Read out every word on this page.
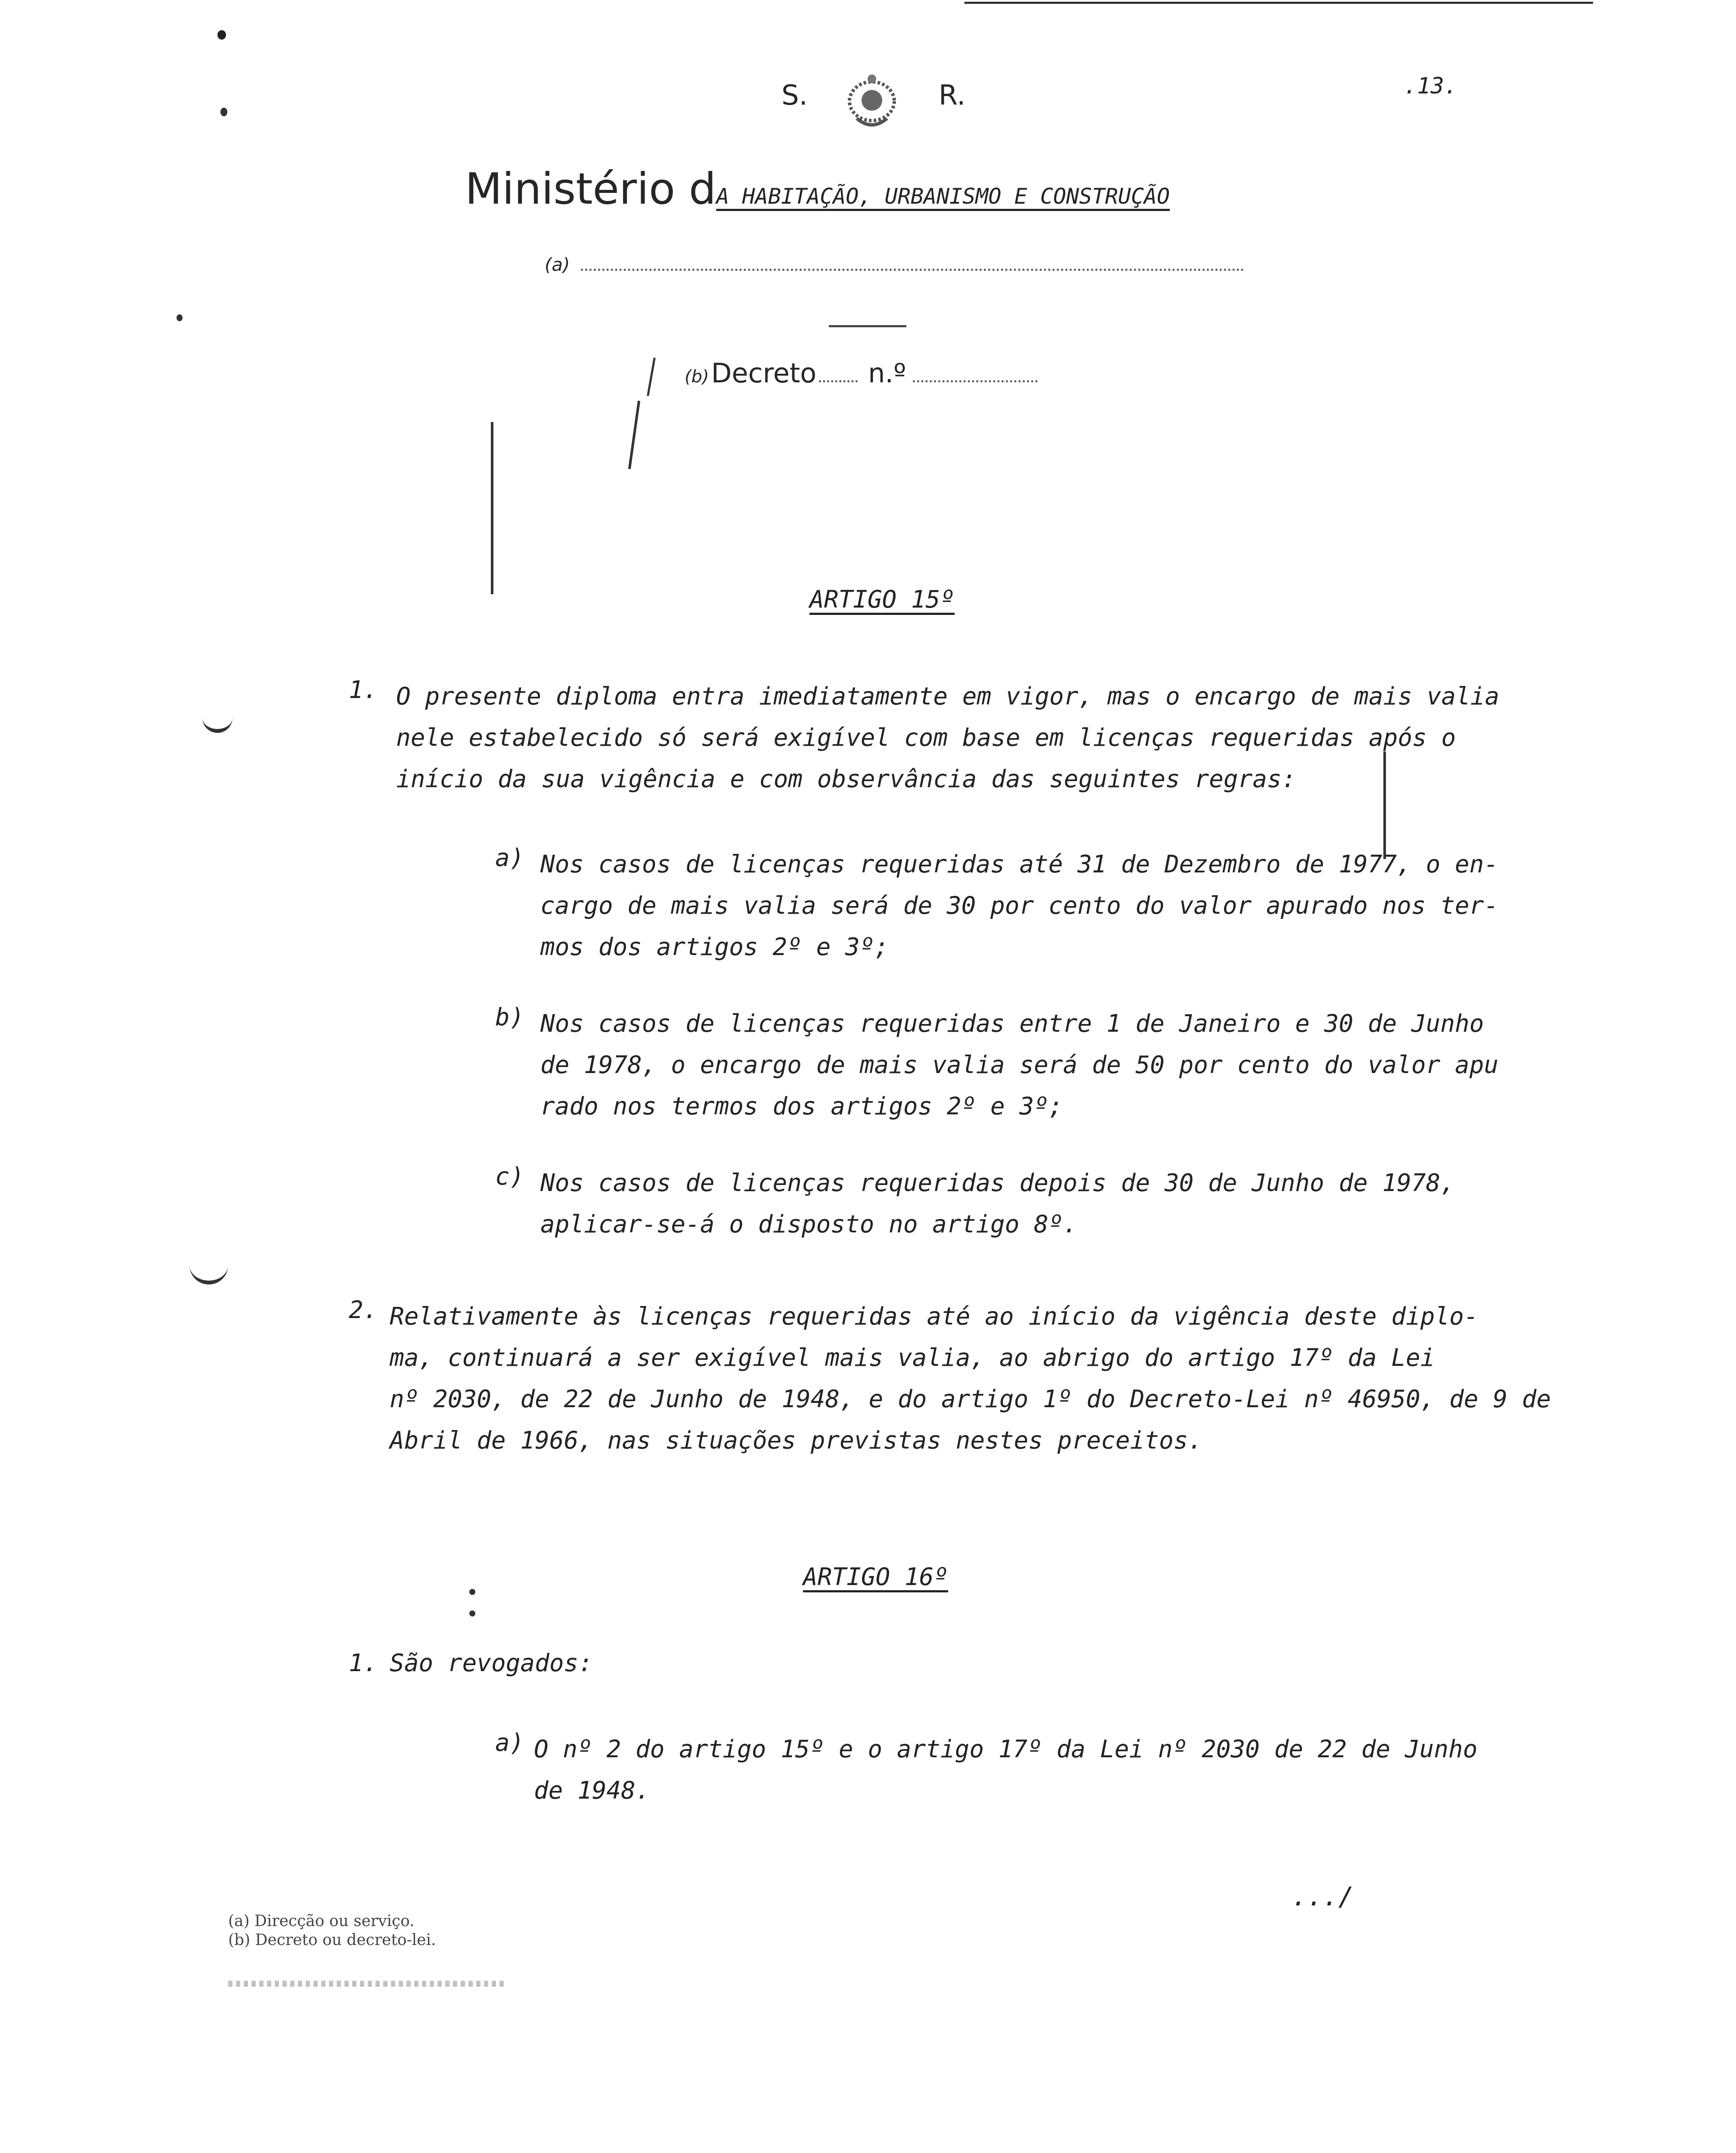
S.	R.	.13.
Ministério dA HABITAÇÃO, URBANISMO E CONSTRUÇÃO
(a)
(b) Decreto n.º
ARTIGO 15º
1. O presente diploma entra imediatamente em vigor, mas o encargo de mais valia
nele estabelecido só será exigível com base em licenças requeridas após o
início da sua vigência e com observância das seguintes regras:
a) Nos casos de licenças requeridas até 31 de Dezembro de 1977, o en-
cargo de mais valia será de 30 por cento do valor apurado nos ter-
mos dos artigos 2º e 3º;
b) Nos casos de licenças requeridas entre 1 de Janeiro e 30 de Junho
de 1978, o encargo de mais valia será de 50 por cento do valor apu
rado nos termos dos artigos 2º e 3º;
c) Nos casos de licenças requeridas depois de 30 de Junho de 1978,
aplicar-se-á o disposto no artigo 8º.
2. Relativamente às licenças requeridas até ao início da vigência deste diplo-
ma, continuará a ser exigível mais valia, ao abrigo do artigo 17º da Lei
nº 2030, de 22 de Junho de 1948, e do artigo 1º do Decreto-Lei nº 46950, de 9 de
Abril de 1966, nas situações previstas nestes preceitos.
ARTIGO 16º
1. São revogados:
a) O nº 2 do artigo 15º e o artigo 17º da Lei nº 2030 de 22 de Junho
de 1948.
.../
(a) Direcção ou serviço.
(b) Decreto ou decreto-lei.
